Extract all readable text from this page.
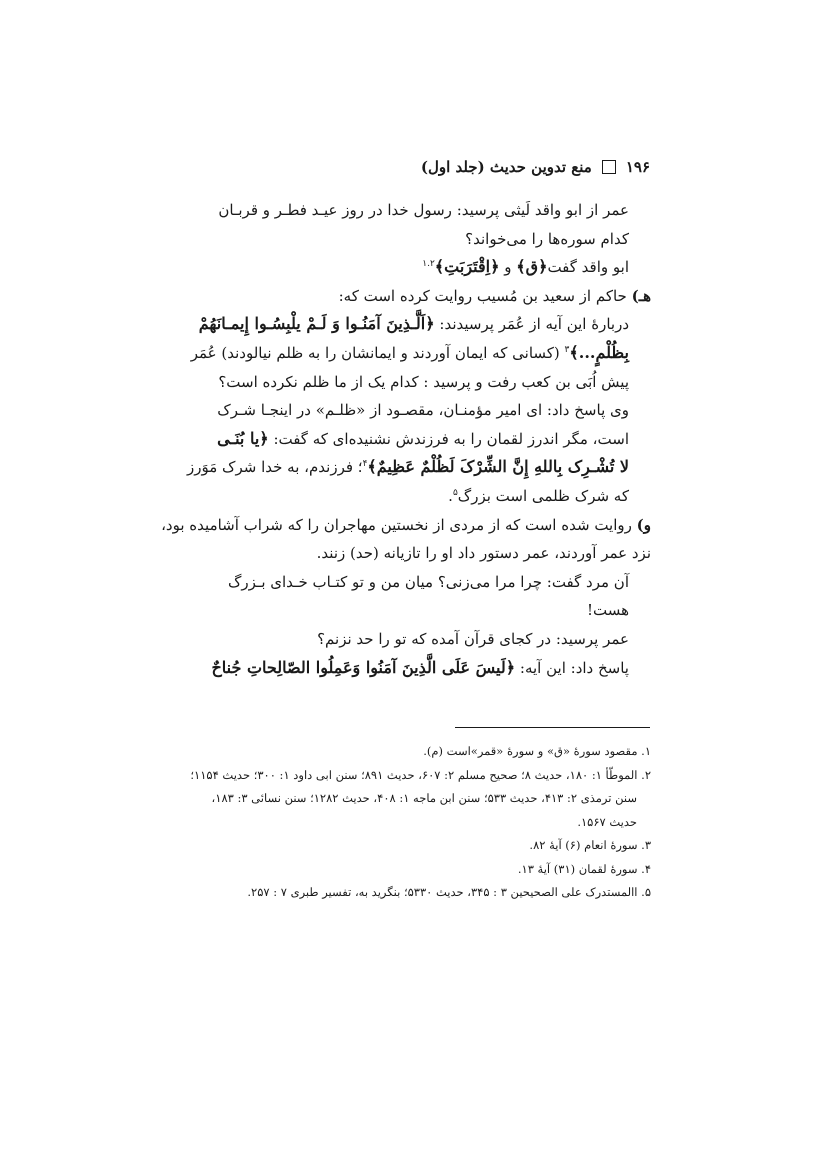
۱۹۶
منع تدوین حدیث (جلد اول)

عمر از ابو واقد لَیثی پرسید: رسول خدا در روز عیـد فطـر و قربـان

کدام سوره‌ها را می‌خواند؟

ابو واقد گفت﴿ق﴾ و ﴿اِقْتَرَبَتِ﴾$^{۱.۲}$

هـ) حاکم از سعید بن مُسیب روایت کرده است که:

دربارۀ این آیه از عُمَر پرسیدند: ﴿اَلَّـذِینَ آمَنُـوا وَ لَـمْ یلْبِسُـوا إِیمـانَهُمْ

بِظُلْمٍ...﴾$^۳$ (کسانی که ایمان آوردند و ایمانشان را به ظلم نیالودند) عُمَر

پیش اُبَی بن کعب رفت و پرسید : کدام یک از ما ظلم نکرده است؟

وی پاسخ داد: ای امیر مؤمنـان، مقصـود از «ظلـم» در اینجـا شـرک

است، مگر اندرز لقمان را به فرزندش نشنیده‌ای که گفت: ﴿یا بُنَـی

لا تُشْـرِک بِاللهِ إِنَّ الشِّرْکَ لَظُلْمٌ عَظِیمٌ﴾$^۴$؛ فرزندم، به خدا شرک مَوَرز

که شرک ظلمی است بزرگ$^۵$.

و) روایت شده است که از مردی از نخستین مهاجران را که شراب آشامیده بود،

نزد عمر آوردند، عمر دستور داد او را تازیانه (حد) زنند.

آن مرد گفت: چرا مرا می‌زنی؟ میان من و تو کتـاب خـدای بـزرگ

هست!

عمر پرسید: در کجای قرآن آمده که تو را حد نزنم؟

پاسخ داد: این آیه: ﴿لَیسَ عَلَی الَّذِینَ آمَنُوا وَعَمِلُوا الصّالِحاتِ جُناحٌ

۱. مقصود سورۀ «ق» و سورۀ «قمر»است (م).

۲. الموطّأ ۱: ۱۸۰، حدیث ۸؛ صحیح مسلم ۲: ۶۰۷، حدیث ۸۹۱؛ سنن ابی داود ۱: ۳۰۰؛ حدیث ۱۱۵۴؛

سنن ترمذی ۲: ۴۱۳، حدیث ۵۳۳؛ سنن ابن ماجه ۱: ۴۰۸، حدیث ۱۲۸۲؛ سنن نسائی ۳: ۱۸۳،

حدیث ۱۵۶۷.

۳. سورۀ انعام (۶) آیۀ ۸۲.

۴. سورۀ لقمان (۳۱) آیۀ ۱۳.

۵. االمستدرک علی الصحیحین ۳ : ۳۴۵، حدیث ۵۳۳۰؛ بنگرید به، تفسیر طبری ۷ : ۲۵۷.
